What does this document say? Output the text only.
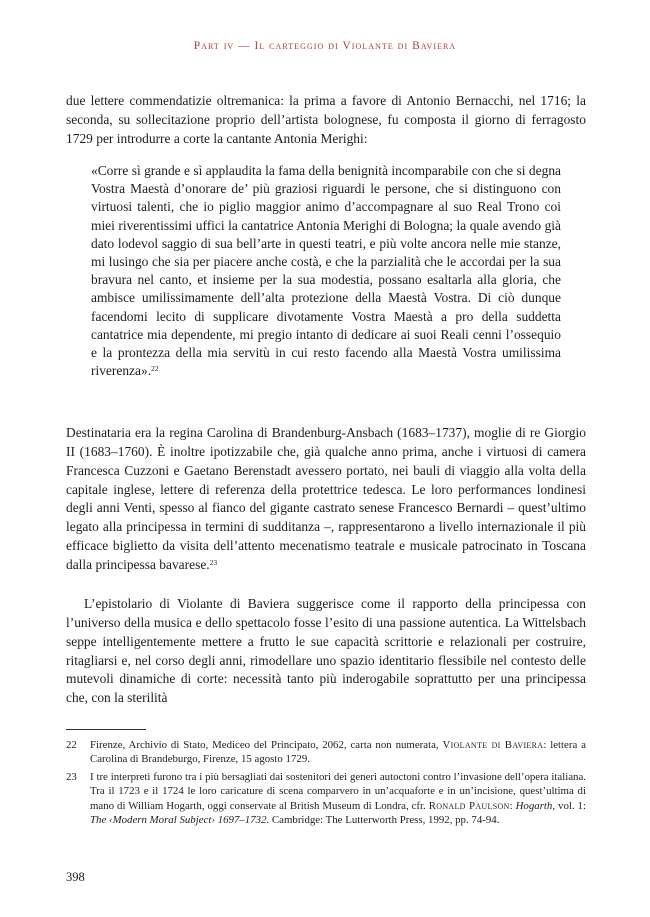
Part iv — Il carteggio di Violante di Baviera
due lettere commendatizie oltremanica: la prima a favore di Antonio Bernacchi, nel 1716; la seconda, su sollecitazione proprio dell’artista bolognese, fu composta il giorno di ferragosto 1729 per introdurre a corte la cantante Antonia Merighi:
«Corre sì grande e sì applaudita la fama della benignità incomparabile con che si degna Vostra Maestà d’onorare de’ più graziosi riguardi le persone, che si distinguono con virtuosi talenti, che io piglio maggior animo d’accompagnare al suo Real Trono coi miei riverentissimi uffici la cantatrice Antonia Merighi di Bologna; la quale avendo già dato lodevol saggio di sua bell’arte in questi teatri, e più volte ancora nelle mie stanze, mi lusingo che sia per piacere anche costà, e che la parzialità che le accordai per la sua bravura nel canto, et insieme per la sua modestia, possano esaltarla alla gloria, che ambisce umilissimamente dell’alta protezione della Maestà Vostra. Di ciò dunque facendomi lecito di supplicare divotamente Vostra Maestà a pro della suddetta cantatrice mia dependente, mi pregio intanto di dedicare ai suoi Reali cenni l’ossequio e la prontezza della mia servitù in cui resto facendo alla Maestà Vostra umilissima riverenza».$^{22}$
Destinataria era la regina Carolina di Brandenburg-Ansbach (1683–1737), moglie di re Giorgio II (1683–1760). È inoltre ipotizzabile che, già qualche anno prima, anche i virtuosi di camera Francesca Cuzzoni e Gaetano Berenstadt avessero portato, nei bauli di viaggio alla volta della capitale inglese, lettere di referenza della protettrice tedesca. Le loro performances londinesi degli anni Venti, spesso al fianco del gigante castrato senese Francesco Bernardi – quest’ultimo legato alla principessa in termini di sudditanza –, rappresentarono a livello internazionale il più efficace biglietto da visita dell’attento mecenatismo teatrale e musicale patrocinato in Toscana dalla principessa bavarese.$^{23}$
L’epistolario di Violante di Baviera suggerisce come il rapporto della principessa con l’universo della musica e dello spettacolo fosse l’esito di una passione autentica. La Wittelsbach seppe intelligentemente mettere a frutto le sue capacità scrittorie e relazionali per costruire, ritagliarsi e, nel corso degli anni, rimodellare uno spazio identitario flessibile nel contesto delle mutevoli dinamiche di corte: necessità tanto più inderogabile soprattutto per una principessa che, con la sterilità
22	Firenze, Archivio di Stato, Mediceo del Principato, 2062, carta non numerata, Violante di Baviera: lettera a Carolina di Brandeburgo, Firenze, 15 agosto 1729.
23	I tre interpreti furono tra i più bersagliati dai sostenitori dei generi autoctoni contro l’invasione dell’opera italiana. Tra il 1723 e il 1724 le loro caricature di scena comparvero in un’acquaforte e in un’incisione, quest’ultima di mano di William Hogarth, oggi conservate al British Museum di Londra, cfr. Ronald Paulson: Hogarth, vol. 1: The ‹Modern Moral Subject› 1697–1732. Cambridge: The Lutterworth Press, 1992, pp. 74-94.
398
